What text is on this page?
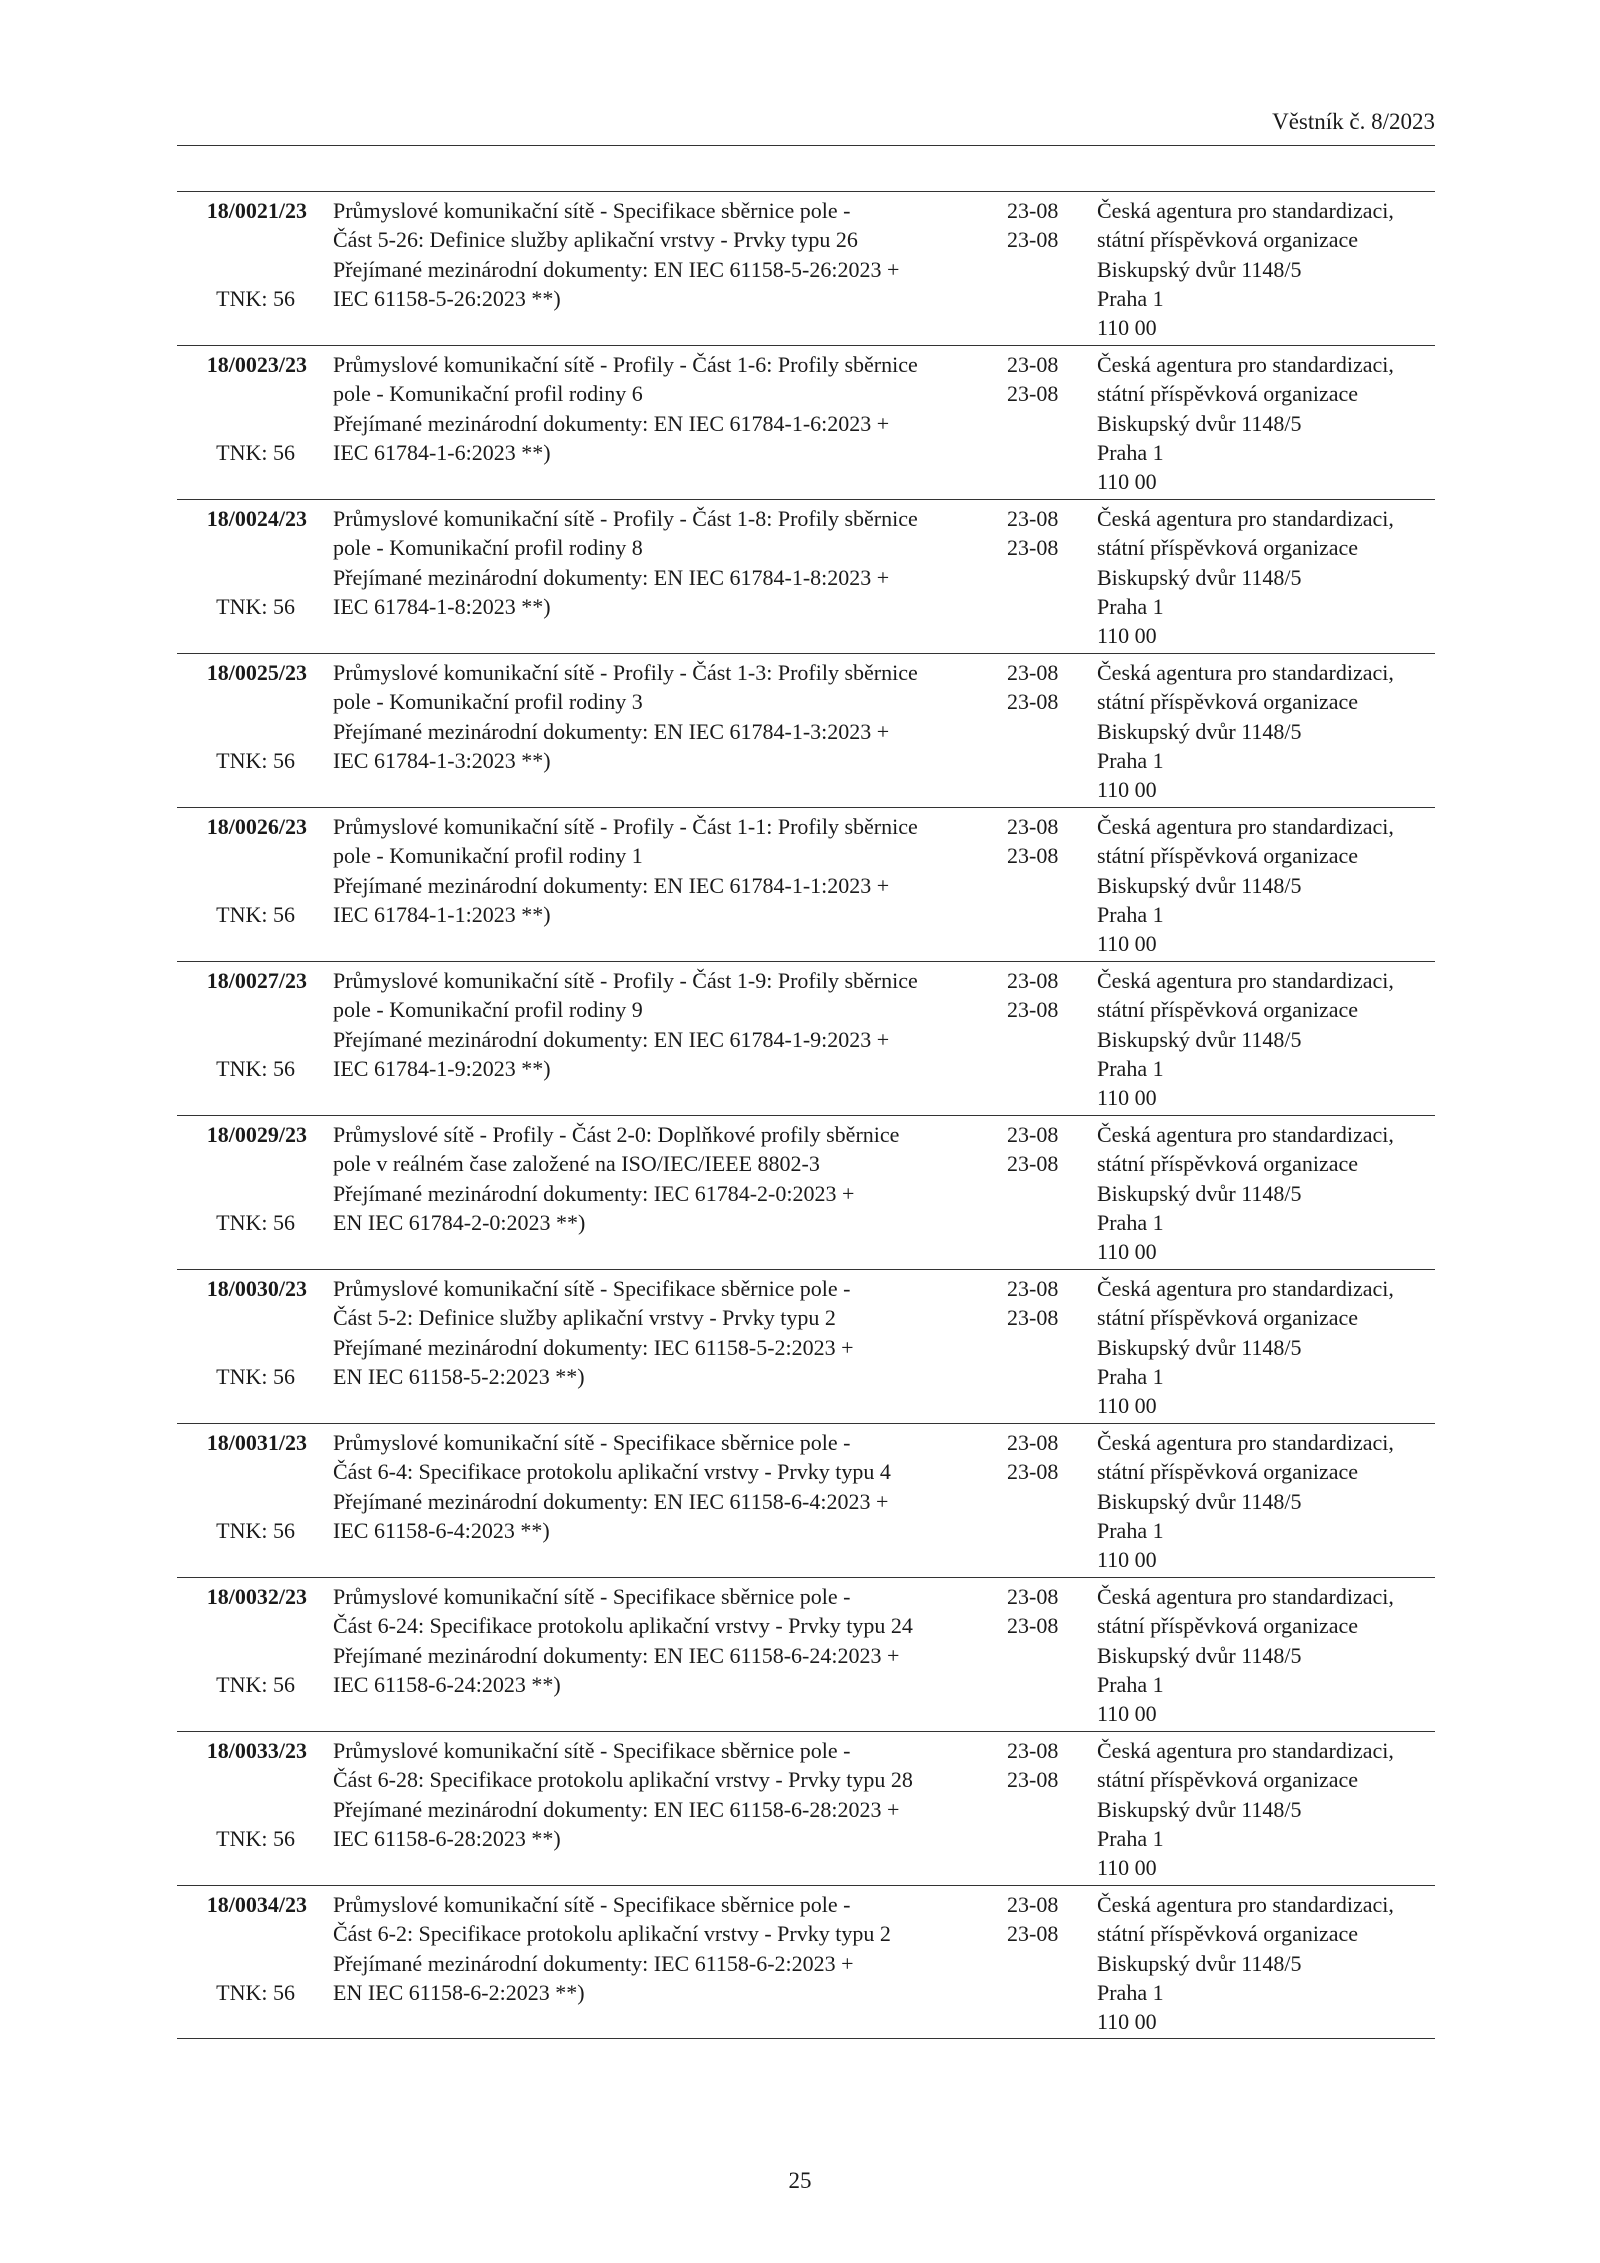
Věstník č. 8/2023
18/0021/23
TNK: 56
Průmyslové komunikační sítě - Specifikace sběrnice pole -
Část 5-26: Definice služby aplikační vrstvy - Prvky typu 26
Přejímané mezinárodní dokumenty: EN IEC 61158-5-26:2023 +
IEC 61158-5-26:2023 **)
23-08
23-08
Česká agentura pro standardizaci,
státní příspěvková organizace
Biskupský dvůr 1148/5
Praha 1
110 00
18/0023/23
TNK: 56
Průmyslové komunikační sítě - Profily - Část 1-6: Profily sběrnice
pole - Komunikační profil rodiny 6
Přejímané mezinárodní dokumenty: EN IEC 61784-1-6:2023 +
IEC 61784-1-6:2023 **)
23-08
23-08
Česká agentura pro standardizaci,
státní příspěvková organizace
Biskupský dvůr 1148/5
Praha 1
110 00
18/0024/23
TNK: 56
Průmyslové komunikační sítě - Profily - Část 1-8: Profily sběrnice
pole - Komunikační profil rodiny 8
Přejímané mezinárodní dokumenty: EN IEC 61784-1-8:2023 +
IEC 61784-1-8:2023 **)
23-08
23-08
Česká agentura pro standardizaci,
státní příspěvková organizace
Biskupský dvůr 1148/5
Praha 1
110 00
18/0025/23
TNK: 56
Průmyslové komunikační sítě - Profily - Část 1-3: Profily sběrnice
pole - Komunikační profil rodiny 3
Přejímané mezinárodní dokumenty: EN IEC 61784-1-3:2023 +
IEC 61784-1-3:2023 **)
23-08
23-08
Česká agentura pro standardizaci,
státní příspěvková organizace
Biskupský dvůr 1148/5
Praha 1
110 00
18/0026/23
TNK: 56
Průmyslové komunikační sítě - Profily - Část 1-1: Profily sběrnice
pole - Komunikační profil rodiny 1
Přejímané mezinárodní dokumenty: EN IEC 61784-1-1:2023 +
IEC 61784-1-1:2023 **)
23-08
23-08
Česká agentura pro standardizaci,
státní příspěvková organizace
Biskupský dvůr 1148/5
Praha 1
110 00
18/0027/23
TNK: 56
Průmyslové komunikační sítě - Profily - Část 1-9: Profily sběrnice
pole - Komunikační profil rodiny 9
Přejímané mezinárodní dokumenty: EN IEC 61784-1-9:2023 +
IEC 61784-1-9:2023 **)
23-08
23-08
Česká agentura pro standardizaci,
státní příspěvková organizace
Biskupský dvůr 1148/5
Praha 1
110 00
18/0029/23
TNK: 56
Průmyslové sítě - Profily - Část 2-0: Doplňkové profily sběrnice
pole v reálném čase založené na ISO/IEC/IEEE 8802-3
Přejímané mezinárodní dokumenty: IEC 61784-2-0:2023 +
EN IEC 61784-2-0:2023 **)
23-08
23-08
Česká agentura pro standardizaci,
státní příspěvková organizace
Biskupský dvůr 1148/5
Praha 1
110 00
18/0030/23
TNK: 56
Průmyslové komunikační sítě - Specifikace sběrnice pole -
Část 5-2: Definice služby aplikační vrstvy - Prvky typu 2
Přejímané mezinárodní dokumenty: IEC 61158-5-2:2023 +
EN IEC 61158-5-2:2023 **)
23-08
23-08
Česká agentura pro standardizaci,
státní příspěvková organizace
Biskupský dvůr 1148/5
Praha 1
110 00
18/0031/23
TNK: 56
Průmyslové komunikační sítě - Specifikace sběrnice pole -
Část 6-4: Specifikace protokolu aplikační vrstvy - Prvky typu 4
Přejímané mezinárodní dokumenty: EN IEC 61158-6-4:2023 +
IEC 61158-6-4:2023 **)
23-08
23-08
Česká agentura pro standardizaci,
státní příspěvková organizace
Biskupský dvůr 1148/5
Praha 1
110 00
18/0032/23
TNK: 56
Průmyslové komunikační sítě - Specifikace sběrnice pole -
Část 6-24: Specifikace protokolu aplikační vrstvy - Prvky typu 24
Přejímané mezinárodní dokumenty: EN IEC 61158-6-24:2023 +
IEC 61158-6-24:2023 **)
23-08
23-08
Česká agentura pro standardizaci,
státní příspěvková organizace
Biskupský dvůr 1148/5
Praha 1
110 00
18/0033/23
TNK: 56
Průmyslové komunikační sítě - Specifikace sběrnice pole -
Část 6-28: Specifikace protokolu aplikační vrstvy - Prvky typu 28
Přejímané mezinárodní dokumenty: EN IEC 61158-6-28:2023 +
IEC 61158-6-28:2023 **)
23-08
23-08
Česká agentura pro standardizaci,
státní příspěvková organizace
Biskupský dvůr 1148/5
Praha 1
110 00
18/0034/23
TNK: 56
Průmyslové komunikační sítě - Specifikace sběrnice pole -
Část 6-2: Specifikace protokolu aplikační vrstvy - Prvky typu 2
Přejímané mezinárodní dokumenty: IEC 61158-6-2:2023 +
EN IEC 61158-6-2:2023 **)
23-08
23-08
Česká agentura pro standardizaci,
státní příspěvková organizace
Biskupský dvůr 1148/5
Praha 1
110 00
25
